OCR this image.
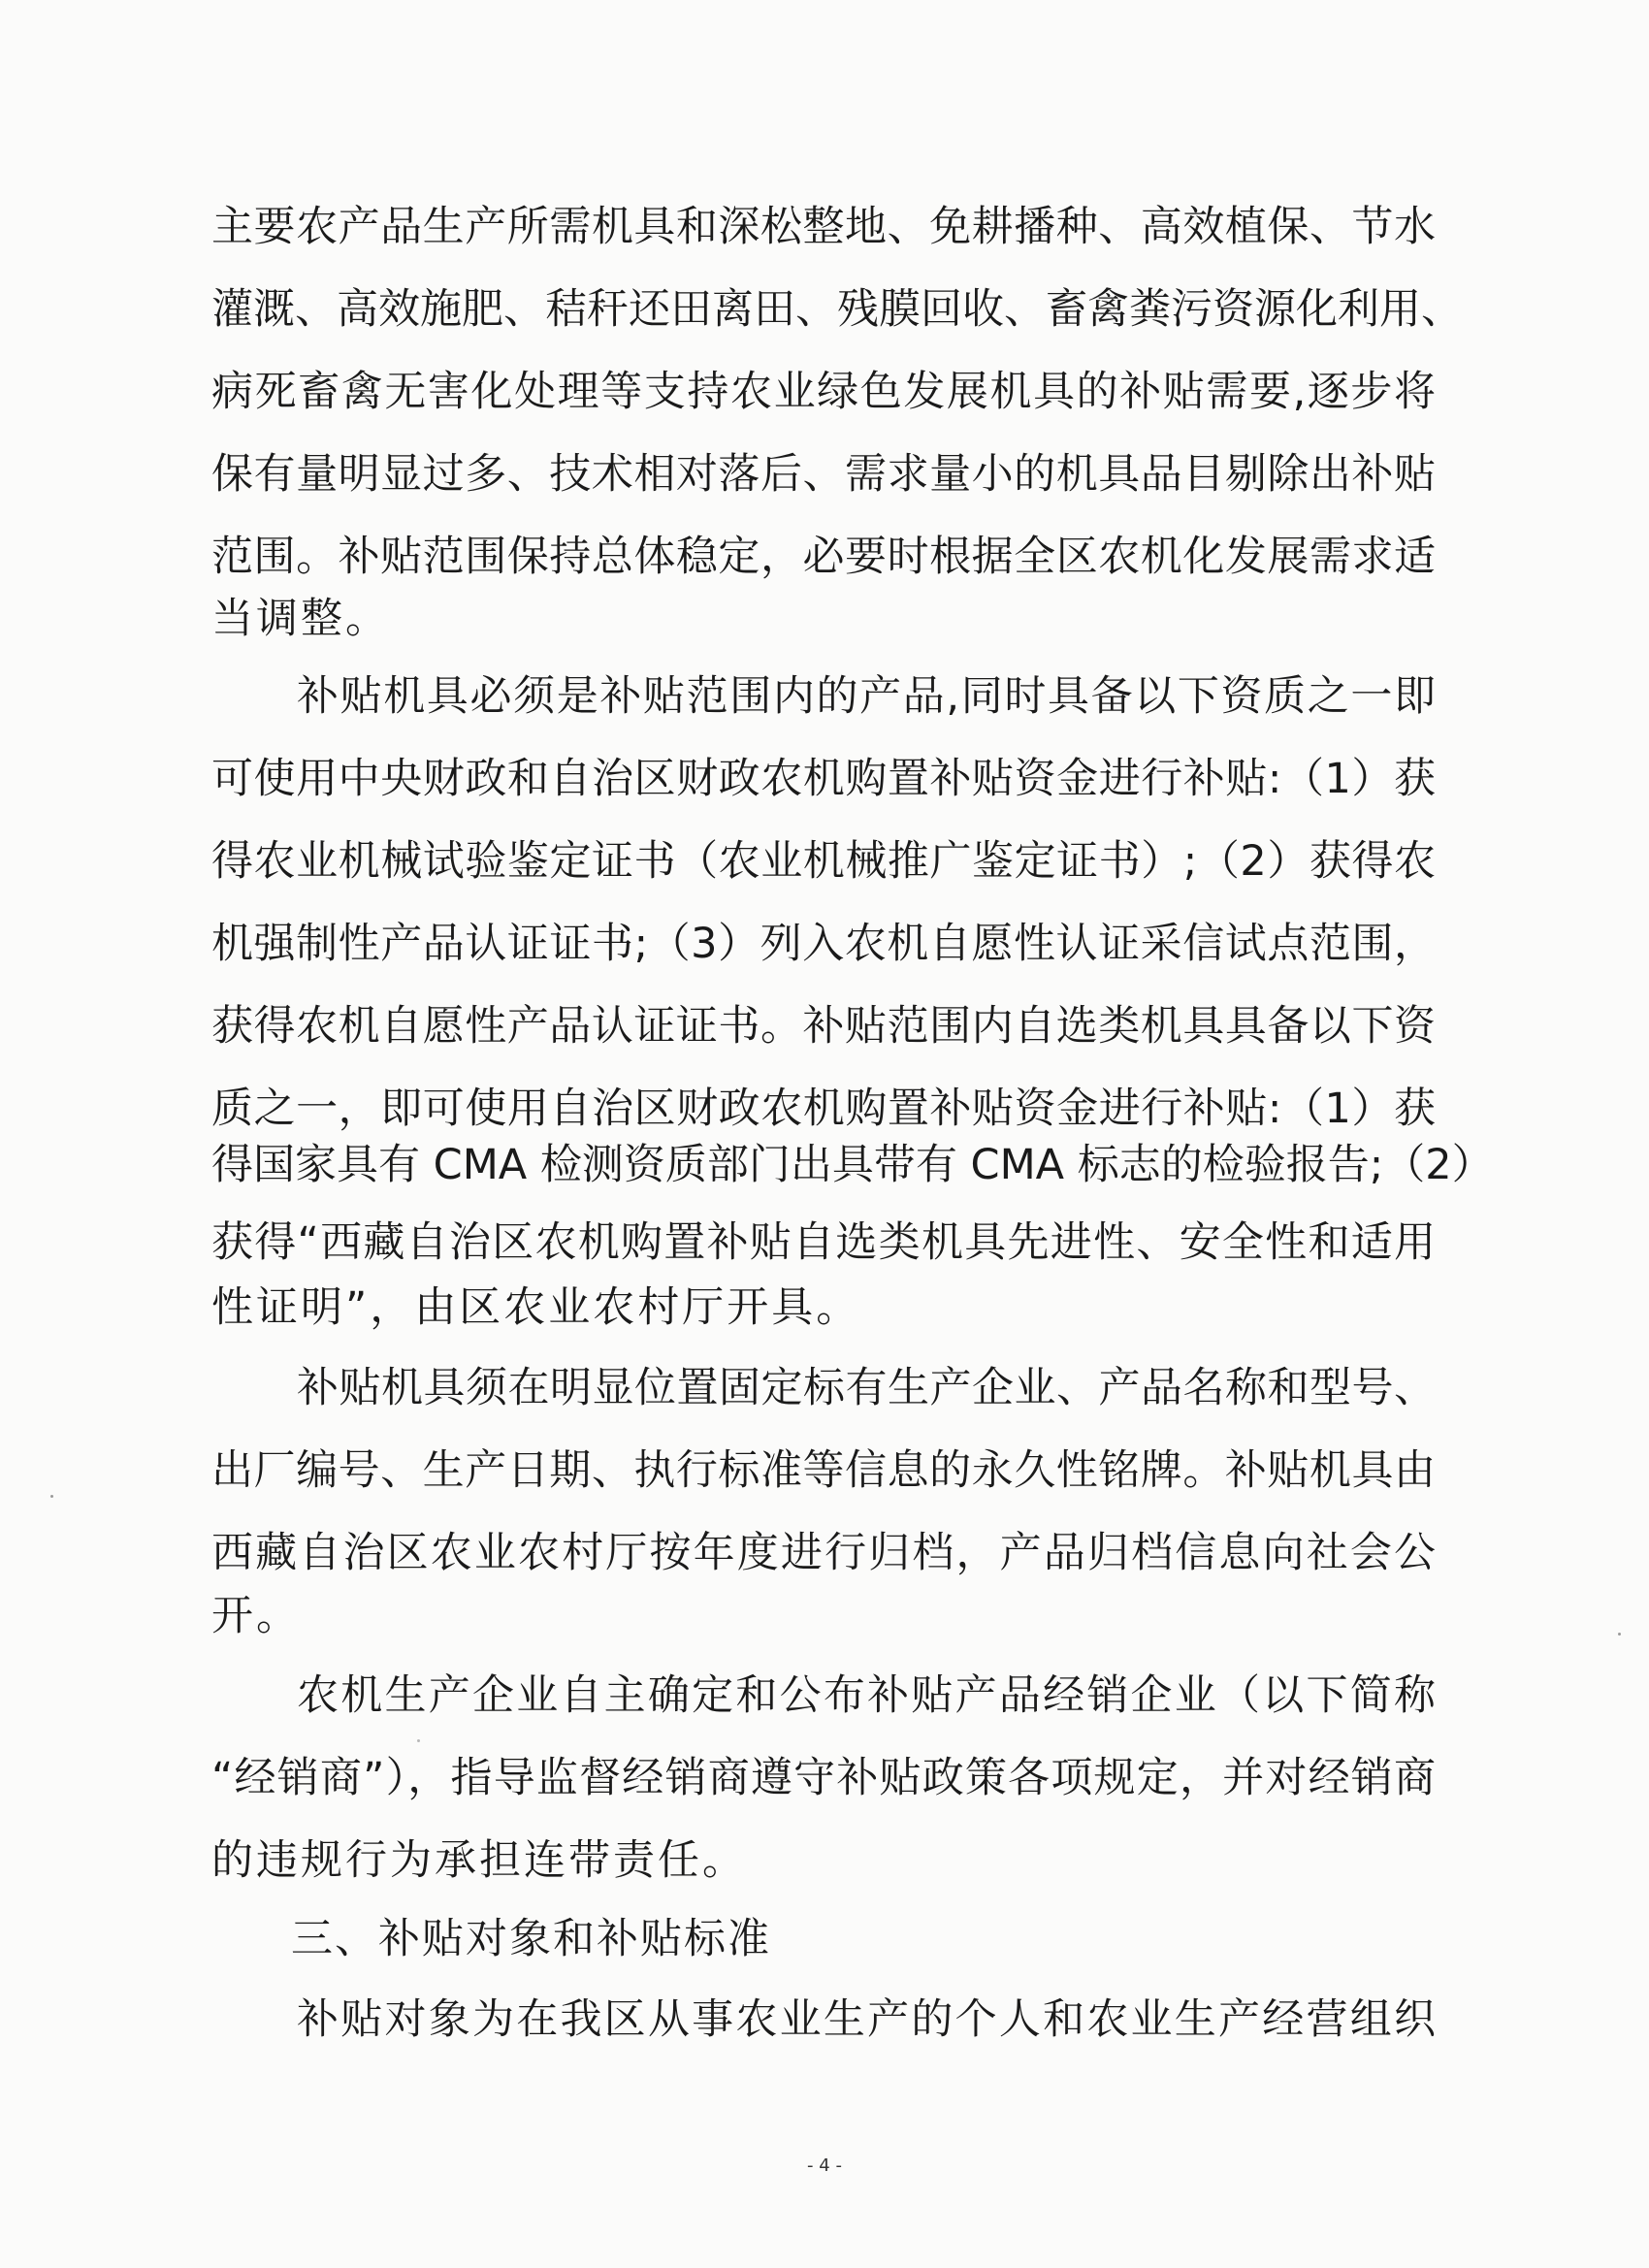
主要农产品生产所需机具和深松整地、免耕播种、高效植保、节水
灌溉、高效施肥、秸秆还田离田、残膜回收、畜禽粪污资源化利用、
病死畜禽无害化处理等支持农业绿色发展机具的补贴需要,逐步将
保有量明显过多、技术相对落后、需求量小的机具品目剔除出补贴
范围。补贴范围保持总体稳定，必要时根据全区农机化发展需求适
当调整。
补贴机具必须是补贴范围内的产品,同时具备以下资质之一即
可使用中央财政和自治区财政农机购置补贴资金进行补贴:（1）获
得农业机械试验鉴定证书（农业机械推广鉴定证书）;（2）获得农
机强制性产品认证证书;（3）列入农机自愿性认证采信试点范围，
获得农机自愿性产品认证证书。补贴范围内自选类机具具备以下资
质之一，即可使用自治区财政农机购置补贴资金进行补贴:（1）获
得国家具有 CMA 检测资质部门出具带有 CMA 标志的检验报告;（2）
获得“西藏自治区农机购置补贴自选类机具先进性、安全性和适用
性证明”，由区农业农村厅开具。
补贴机具须在明显位置固定标有生产企业、产品名称和型号、
出厂编号、生产日期、执行标准等信息的永久性铭牌。补贴机具由
西藏自治区农业农村厅按年度进行归档，产品归档信息向社会公
开。
农机生产企业自主确定和公布补贴产品经销企业（以下简称
“经销商”），指导监督经销商遵守补贴政策各项规定，并对经销商
的违规行为承担连带责任。
三、补贴对象和补贴标准
补贴对象为在我区从事农业生产的个人和农业生产经营组织
- 4 -
